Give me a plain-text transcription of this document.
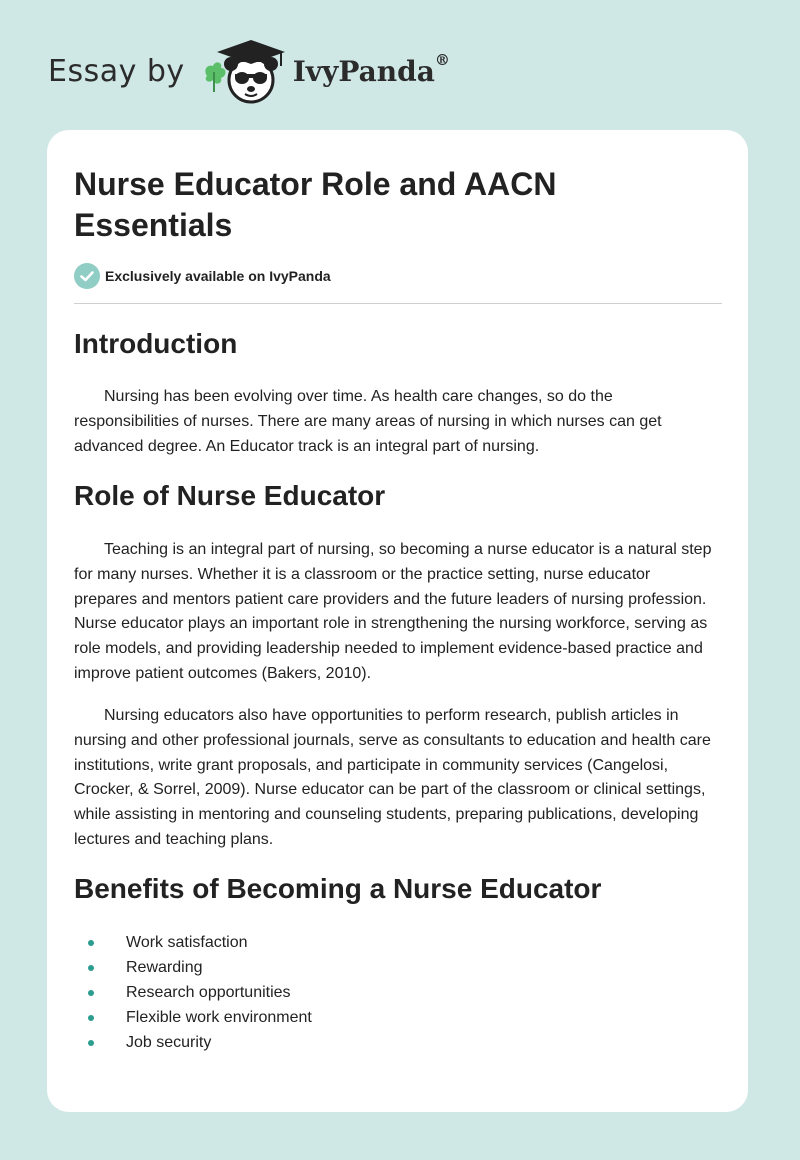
Essay by	IvyPanda®
Nurse Educator Role and AACN Essentials
Exclusively available on IvyPanda
Introduction

Nursing has been evolving over time. As health care changes, so do the responsibilities of nurses. There are many areas of nursing in which nurses can get advanced degree. An Educator track is an integral part of nursing.

Role of Nurse Educator

Teaching is an integral part of nursing, so becoming a nurse educator is a natural step for many nurses. Whether it is a classroom or the practice setting, nurse educator prepares and mentors patient care providers and the future leaders of nursing profession. Nurse educator plays an important role in strengthening the nursing workforce, serving as role models, and providing leadership needed to implement evidence-based practice and improve patient outcomes (Bakers, 2010).

Nursing educators also have opportunities to perform research, publish articles in nursing and other professional journals, serve as consultants to education and health care institutions, write grant proposals, and participate in community services (Cangelosi, Crocker, & Sorrel, 2009). Nurse educator can be part of the classroom or clinical settings, while assisting in mentoring and counseling students, preparing publications, developing lectures and teaching plans.

Benefits of Becoming a Nurse Educator
Work satisfaction
Rewarding
Research opportunities
Flexible work environment
Job security
